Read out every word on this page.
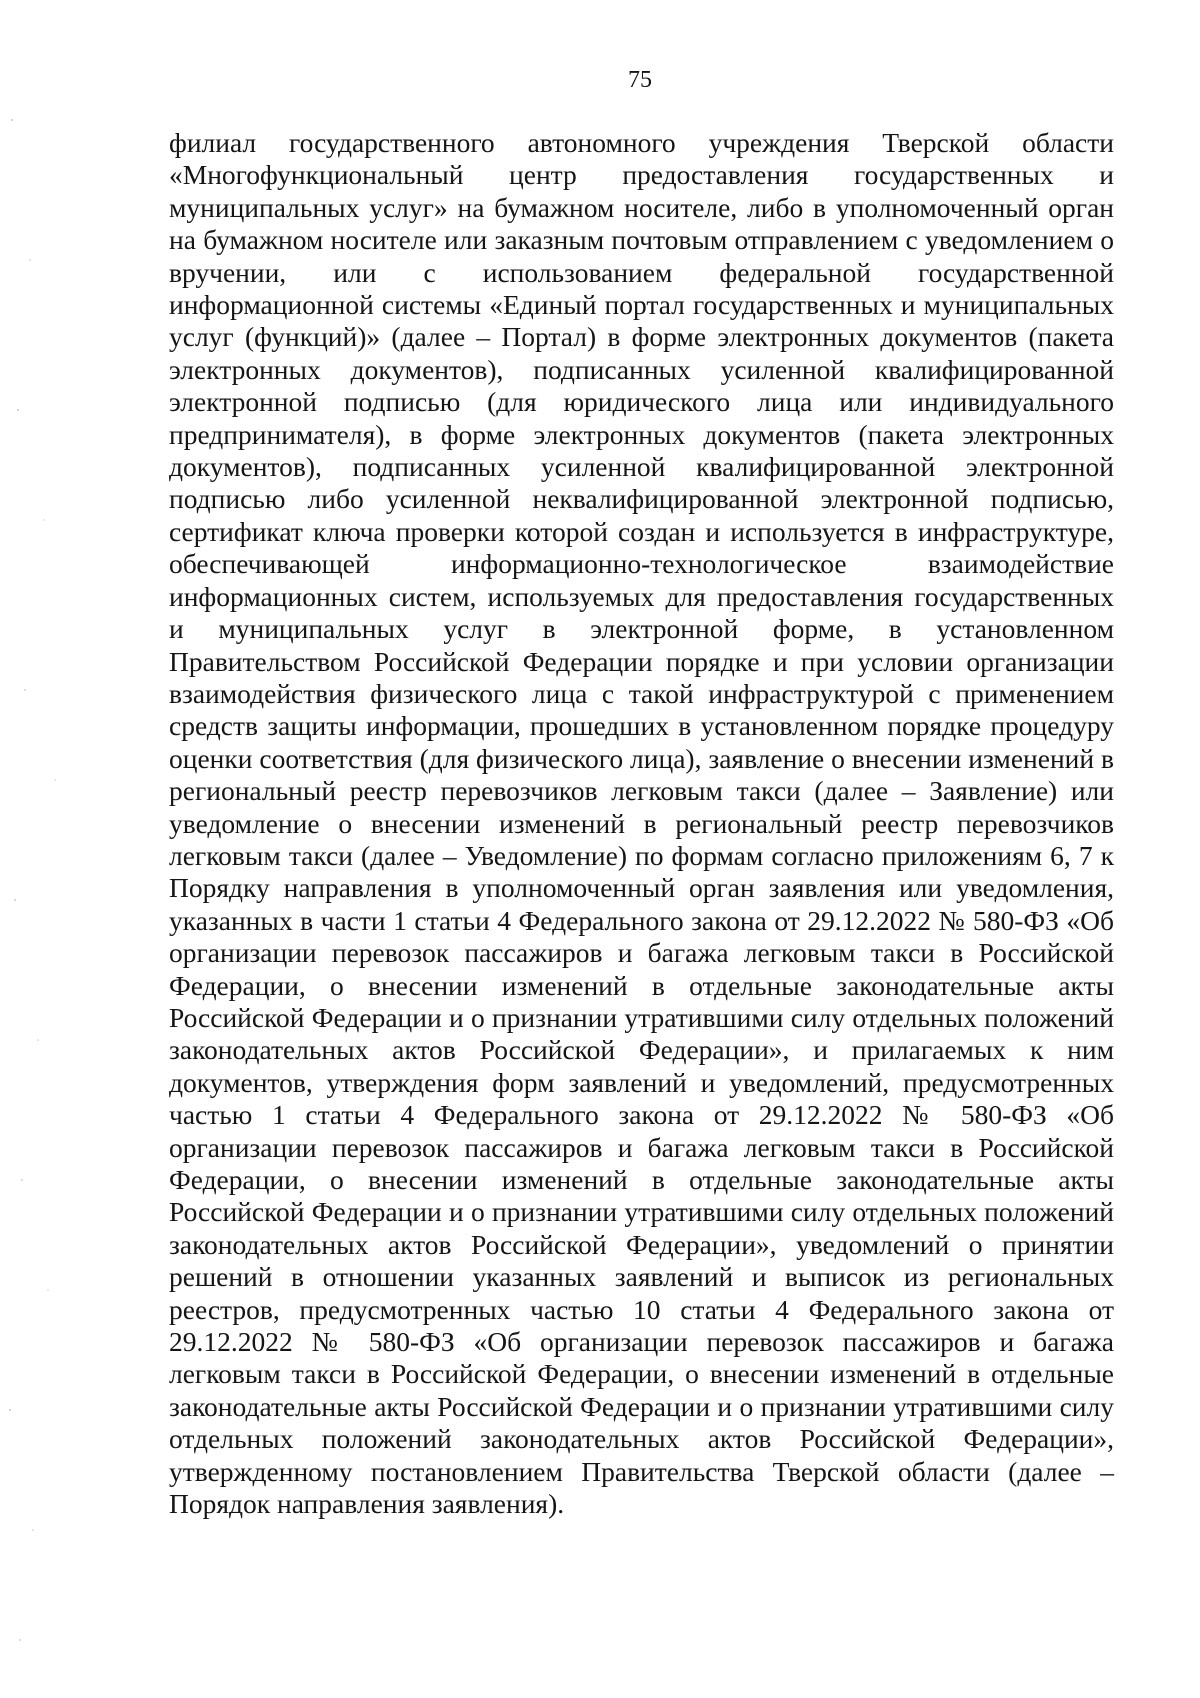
75

филиал государственного автономного учреждения Тверской области «Многофункциональный центр предоставления государственных и муниципальных услуг» на бумажном носителе, либо в уполномоченный орган на бумажном носителе или заказным почтовым отправлением с уведомлением о вручении, или с использованием федеральной государственной информационной системы «Единый портал государственных и муниципальных услуг (функций)» (далее – Портал) в форме электронных документов (пакета электронных документов), подписанных усиленной квалифицированной электронной подписью (для юридического лица или индивидуального предпринимателя), в форме электронных документов (пакета электронных документов), подписанных усиленной квалифицированной электронной подписью либо усиленной неквалифицированной электронной подписью, сертификат ключа проверки которой создан и используется в инфраструктуре, обеспечивающей информационно-технологическое взаимодействие информационных систем, используемых для предоставления государственных и муниципальных услуг в электронной форме, в установленном Правительством Российской Федерации порядке и при условии организации взаимодействия физического лица с такой инфраструктурой с применением средств защиты информации, прошедших в установленном порядке процедуру оценки соответствия (для физического лица), заявление о внесении изменений в региональный реестр перевозчиков легковым такси (далее – Заявление) или уведомление о внесении изменений в региональный реестр перевозчиков легковым такси (далее – Уведомление) по формам согласно приложениям 6, 7 к Порядку направления в уполномоченный орган заявления или уведомления, указанных в части 1 статьи 4 Федерального закона от 29.12.2022 № 580-ФЗ «Об организации перевозок пассажиров и багажа легковым такси в Российской Федерации, о внесении изменений в отдельные законодательные акты Российской Федерации и о признании утратившими силу отдельных положений законодательных актов Российской Федерации», и прилагаемых к ним документов, утверждения форм заявлений и уведомлений, предусмотренных частью 1 статьи 4 Федерального закона от 29.12.2022 № 580-ФЗ «Об организации перевозок пассажиров и багажа легковым такси в Российской Федерации, о внесении изменений в отдельные законодательные акты Российской Федерации и о признании утратившими силу отдельных положений законодательных актов Российской Федерации», уведомлений о принятии решений в отношении указанных заявлений и выписок из региональных реестров, предусмотренных частью 10 статьи 4 Федерального закона от 29.12.2022 № 580-ФЗ «Об организации перевозок пассажиров и багажа легковым такси в Российской Федерации, о внесении изменений в отдельные законодательные акты Российской Федерации и о признании утратившими силу отдельных положений законодательных актов Российской Федерации», утвержденному постановлением Правительства Тверской области (далее – Порядок направления заявления).
